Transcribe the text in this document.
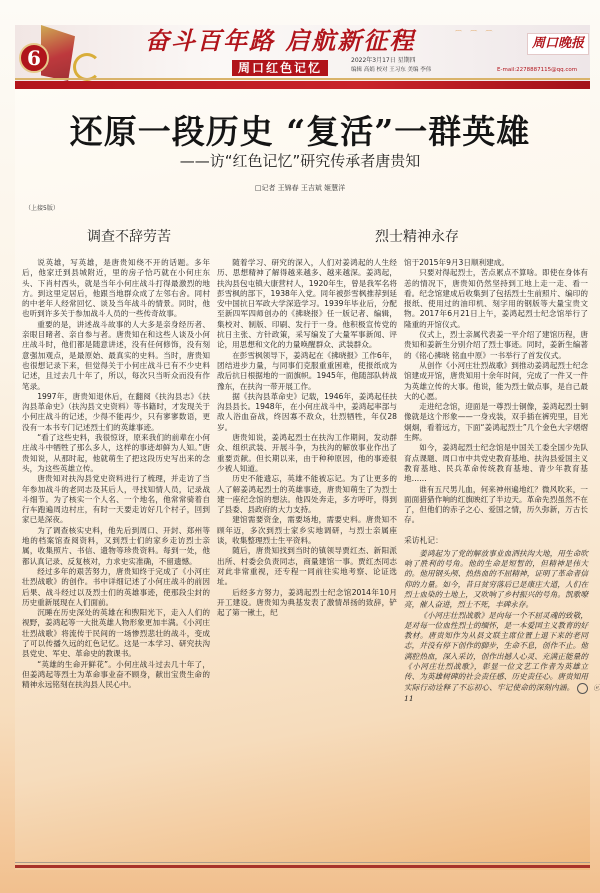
6
⌒ ⌒ ⌒
奋斗百年路 启航新征程
周口红色记忆
2022年3月17日 星期四
编辑 高娟 校对 王习东 美编 李伟	E-mail:2278887115@qq.com
周口晚报
还原一段历史 “复活”一群英雄
——访“红色记忆”研究传承者唐贵知
□记者 王锦春 王吉斌 姬慧洋
（上接5版）
调查不辞劳苦	烈士精神永存

说英雄，写英雄，是唐贵知绕不开的话题。多年后，他家迁到县城附近，里的房子恰巧就在小何庄东头、下肖村西头，就是当年小何庄战斗打得最激烈的地方。到这里定居后，他跟当地群众成了左邻右舍。同村的中老年人经常回忆、谈及当年战斗的情景。同时，他也听到许多关于参加战斗人员的一些传奇故事。

重要的是，讲述战斗故事的人大多是亲身经历者、亲眼目睹者、亲自参与者。唐贵知在和这些人谈及小何庄战斗时，他们都是随意讲述，没有任何修饰，没有刻意强加观点，是最原始、最真实的史料。当时，唐贵知也很想记录下来，但觉得关于小何庄战斗已有不少史料记述，且过去几十年了，所以，每次只当听众而没有作笔录。

1997年，唐贵知退休后，在翻阅《扶沟县志》《扶沟县革命史》（扶沟县文史资料）等书籍时，才发现关于小何庄战斗的记述，少得不能再少，只有寥寥数语，更没有一本书专门记述烈士们的英雄事迹。

“看了这些史料，我很惊讶，原来我们的前辈在小何庄战斗中牺牲了那么多人，这样的事迹却鲜为人知。”唐贵知说，从那时起，他就萌生了把这段历史写出来的念头，为这些英雄立传。

唐贵知对扶沟县党史资料进行了梳理，并走访了当年参加战斗的老同志及其后人，寻找知情人员，记录战斗细节。为了核实一个人名、一个地名，他常常骑着自行车跑遍周边村庄，有时一天要走访好几个村子，回到家已是深夜。

为了调查核实史料，他先后到周口、开封、郑州等地的档案馆查阅资料，又到烈士们的家乡走访烈士亲属，收集照片、书信、遗物等珍贵资料。每到一处，他都认真记录、反复核对，力求史实准确，不留遗憾。

经过多年的艰苦努力，唐贵知终于完成了《小河庄壮烈战歌》的创作。书中详细记述了小何庄战斗的前因后果、战斗经过以及烈士们的英雄事迹，使那段尘封的历史重新展现在人们面前。

沉睡在历史深处的英雄在和煦阳光下，走入人们的视野，姜鸿起等一大批英雄人物形象更加丰满。《小河庄壮烈战歌》将流传于民间的一场惨烈悲壮的战斗，变成了可以传播久远的红色记忆。这是一本学习、研究扶沟县党史、军史、革命史的教课书。

“英雄的生命开鲜花”。小何庄战斗过去几十年了，但姜鸿起等烈士为革命事业奋不顾身，献出宝贵生命的精神永远铭刻在扶沟县人民心中。

随着学习、研究的深入，人们对姜鸿起的人生经历、思想精神了解得越来越多、越来越深。姜鸿起，扶沟县包屯镇大康营村人，1920年生，曾是我军名将彭雪枫的部下，1938年入党。同年被彭雪枫推荐到延安中国抗日军政大学深造学习。1939年毕业后，分配至新四军四师创办的《拂晓报》任一版记者、编辑，集校对、制版、印刷、发行于一身。他积极宣传党的抗日主张、方针政策，采写编发了大量军事新闻、评论，用思想和文化的力量唤醒群众、武装群众。

在彭雪枫领导下，姜鸿起在《拂晓报》工作6年，团结进步力量，与同事们克服重重困难，使报纸成为敌后抗日根据地的一面旗帜。1945年，他随部队转战豫东，在扶沟一带开展工作。

据《扶沟县革命史》记载，1946年，姜鸿起任扶沟县县长。1948年，在小何庄战斗中，姜鸿起率部与敌人浴血奋战，终因寡不敌众，壮烈牺牲，年仅28岁。

唐贵知说，姜鸿起烈士在扶沟工作期间，发动群众、组织武装、开展斗争，为扶沟的解放事业作出了重要贡献。但长期以来，由于种种原因，他的事迹很少被人知道。

历史不能遗忘，英雄不能被忘记。为了让更多的人了解姜鸿起烈士的英雄事迹，唐贵知萌生了为烈士建一座纪念馆的想法。他四处奔走，多方呼吁，得到了县委、县政府的大力支持。

建馆需要资金，需要场地，需要史料。唐贵知不顾年迈，多次到烈士家乡实地调研，与烈士亲属座谈，收集整理烈士生平资料。

随后，唐贵知找到当时的镇领导贾红杰、新阳派出所、村委会负责同志，商量建馆一事。贾红杰同志对此非常重视，还专程一同前往实地考察、论证选址。

后经多方努力，姜鸿起烈士纪念馆2014年10月开工建设。唐贵知为典基发表了激情昂扬的致辞，铲起了第一锹土，纪

馆于2015年9月3日顺利建成。

只要对得起烈士，苦点累点不算啥。即使在身体有恙的情况下，唐贵知仍然坚持到工地上走一走、看一看。纪念馆建成后收集到了包括烈士生前照片、编印的报纸、使用过的油印机、刻字用的钢版等大量宝贵文物。2017年6月21日上午，姜鸿起烈士纪念馆举行了隆重的开馆仪式。

仪式上，烈士亲属代表姜一平介绍了建馆历程，唐贵知和姜新生分别介绍了烈士事迹。同时，姜新生编著的《铭心拂晓 铭血中原》一书举行了首发仪式。

从创作《小河庄壮烈战歌》到推动姜鸿起烈士纪念馆建成开馆，唐贵知用十余年时间，完成了一件又一件为英雄立传的大事。他说，能为烈士做点事，是自己最大的心愿。

走进纪念馆，迎面是一尊烈士铜像，姜鸿起烈士铜像就是这个形象——一身戎装，双手插在裤兜里，目光炯炯，看着远方，下面“姜鸿起烈士”几个金色大字熠熠生辉。

如今，姜鸿起烈士纪念馆是中国关工委全国少先队育点课题、周口市中共党史教育基地、扶沟县爱国主义教育基地、民兵革命传统教育基地、青少年教育基地……

谁有五尺男儿血，何来神州遍地红？微风吹来，一面面猎猎作响的红旗映红了半边天。革命先烈虽然不在了，但他们的赤子之心、爱国之情，历久弥新，万古长存。

采访札记：

姜鸿起为了党的解放事业血洒扶沟大地，用生命吹响了胜利的号角。他的生命是短暂的，但精神是伟大的。他用钢头颅、热热血的不屈精神，证明了革命者信仰的力量。如今，昔日贫穷落后已是康庄大道，人们在烈士血染的土地上，又吹响了乡村振兴的号角。凯歌嘹亮，催人奋进，烈士不死，丰碑永存。

《小河庄壮烈战歌》是向每一个不屈灵魂的致敬，是对每一位血性烈士的缅怀，是一本爱国主义教育的好教材。唐贵知作为从县文联主席位置上退下来的老同志，并没有停下创作的脚步，生命不息，创作不止。他满腔热血，深入采访，创作出撼人心灵、充满正能量的《小河庄壮烈战歌》，彰显一位文艺工作者为英雄立传、为英雄树碑的社会责任感、历史责任心。唐贵知用实际行动诠释了不忘初心、牢记使命的深刻内涵。	ⓔ11
